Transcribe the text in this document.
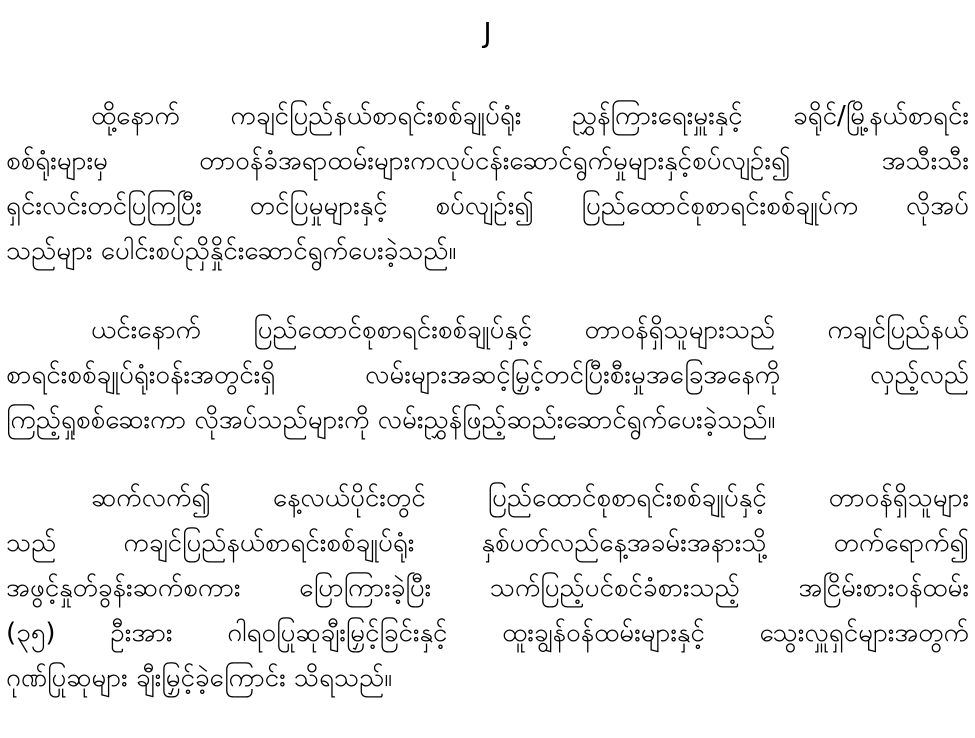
J
ထို့နောက် ကချင်ပြည်နယ်စာရင်းစစ်ချုပ်ရုံး ညွှန်ကြားရေးမှူးနှင့် ခရိုင်/မြို့နယ်စာရင်း
စစ်ရုံးများမှ တာဝန်ခံအရာထမ်းများကလုပ်ငန်းဆောင်ရွက်မှုများနှင့်စပ်လျဉ်း၍ အသီးသီး
ရှင်းလင်းတင်ပြကြပြီး တင်ပြမှုများနှင့် စပ်လျဉ်း၍ ပြည်ထောင်စုစာရင်းစစ်ချုပ်က လိုအပ်
သည်များ ပေါင်းစပ်ညှိနှိုင်းဆောင်ရွက်ပေးခဲ့သည်။
ယင်းနောက် ပြည်ထောင်စုစာရင်းစစ်ချုပ်နှင့် တာဝန်ရှိသူများသည် ကချင်ပြည်နယ်
စာရင်းစစ်ချုပ်ရုံးဝန်းအတွင်းရှိ လမ်းများအဆင့်မြှင့်တင်ပြီးစီးမှုအခြေအနေကို လှည့်လည်
ကြည့်ရှုစစ်ဆေးကာ လိုအပ်သည်များကို လမ်းညွှန်ဖြည့်ဆည်းဆောင်ရွက်ပေးခဲ့သည်။
ဆက်လက်၍ နေ့လယ်ပိုင်းတွင် ပြည်ထောင်စုစာရင်းစစ်ချုပ်နှင့် တာဝန်ရှိသူများ
သည် ကချင်ပြည်နယ်စာရင်းစစ်ချုပ်ရုံး နှစ်ပတ်လည်နေ့အခမ်းအနားသို့ တက်ရောက်၍
အဖွင့်နှုတ်ခွန်းဆက်စကား ပြောကြားခဲ့ပြီး သက်ပြည့်ပင်စင်ခံစားသည့် အငြိမ်းစားဝန်ထမ်း
(၃၅) ဦးအား ဂါရဝပြုဆုချီးမြှင့်ခြင်းနှင့် ထူးချွန်ဝန်ထမ်းများနှင့် သွေးလှူရှင်များအတွက်
ဂုဏ်ပြုဆုများ ချီးမြှင့်ခဲ့ကြောင်း သိရသည်။
